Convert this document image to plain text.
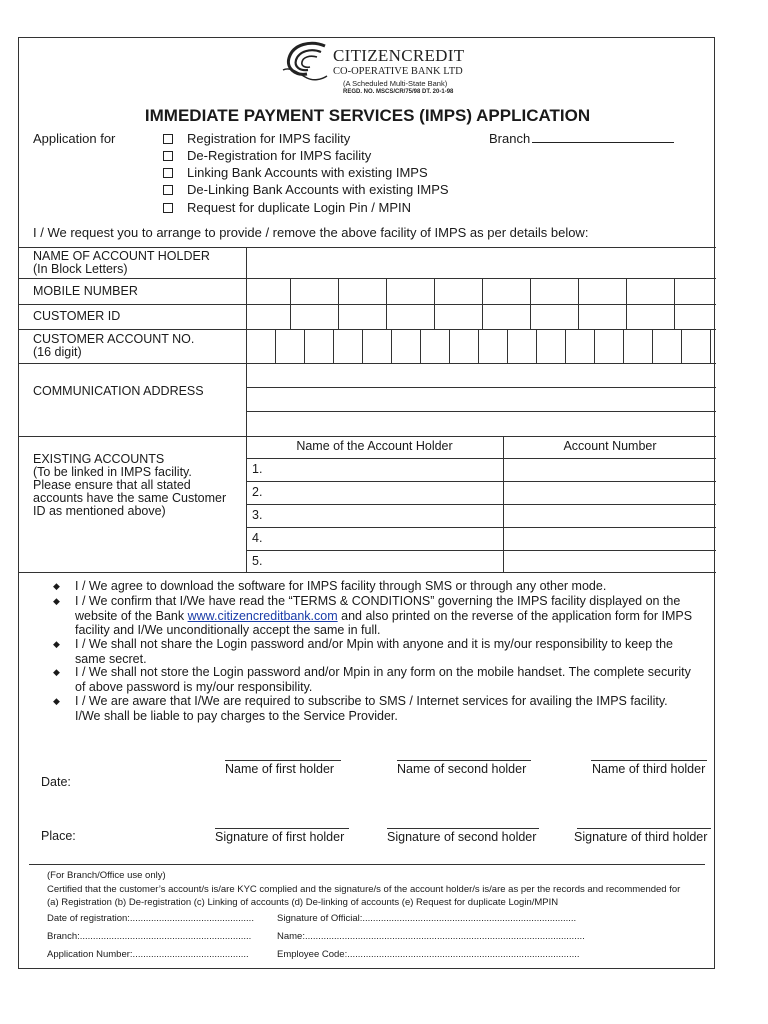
CITIZENCREDIT
CO-OPERATIVE BANK LTD
(A Scheduled Multi-State Bank)
REGD. NO. MSCS/CR/75/98 DT. 20-1-98
IMMEDIATE PAYMENT SERVICES (IMPS) APPLICATION
Application for	Branch
Registration for IMPS facility
De-Registration for IMPS facility
Linking Bank Accounts with existing IMPS
De-Linking Bank Accounts with existing IMPS
Request for duplicate Login Pin / MPIN
I / We request you to arrange to provide / remove the above facility of IMPS as per details below:
NAME OF ACCOUNT HOLDER
(In Block Letters)
MOBILE NUMBER
CUSTOMER ID
CUSTOMER ACCOUNT NO.
(16 digit)
COMMUNICATION ADDRESS
EXISTING ACCOUNTS
(To be linked in IMPS facility.
Please ensure that all stated
accounts have the same Customer
ID as mentioned above)
Name of the Account Holder	Account Number
1.
2.
3.
4.
5.
◆ I / We agree to download the software for IMPS facility through SMS or through any other mode.
◆ I / We confirm that I/We have read the “TERMS & CONDITIONS” governing the IMPS facility displayed on the
website of the Bank www.citizencreditbank.com and also printed on the reverse of the application form for IMPS
facility and I/We unconditionally accept the same in full.
◆ I / We shall not share the Login password and/or Mpin with anyone and it is my/our responsibility to keep the
same secret.
◆ I / We shall not store the Login password and/or Mpin in any form on the mobile handset. The complete security
of above password is my/our responsibility.
◆ I / We are aware that I/We are required to subscribe to SMS / Internet services for availing the IMPS facility.
I/We shall be liable to pay charges to the Service Provider.
Date:
Place:
Name of first holder	Name of second holder	Name of third holder
Signature of first holder	Signature of second holder	Signature of third holder
(For Branch/Office use only)
Certified that the customer’s account/s is/are KYC complied and the signature/s of the account holder/s is/are as per the records and recommended for
(a) Registration (b) De-registration (c) Linking of accounts (d) De-linking of accounts (e) Request for duplicate Login/MPIN
Date of registration:............................................... Signature of Official:.................................................................................
Branch:.................................................................	Name:..........................................................................................................
Application Number:............................................	Employee Code:........................................................................................
